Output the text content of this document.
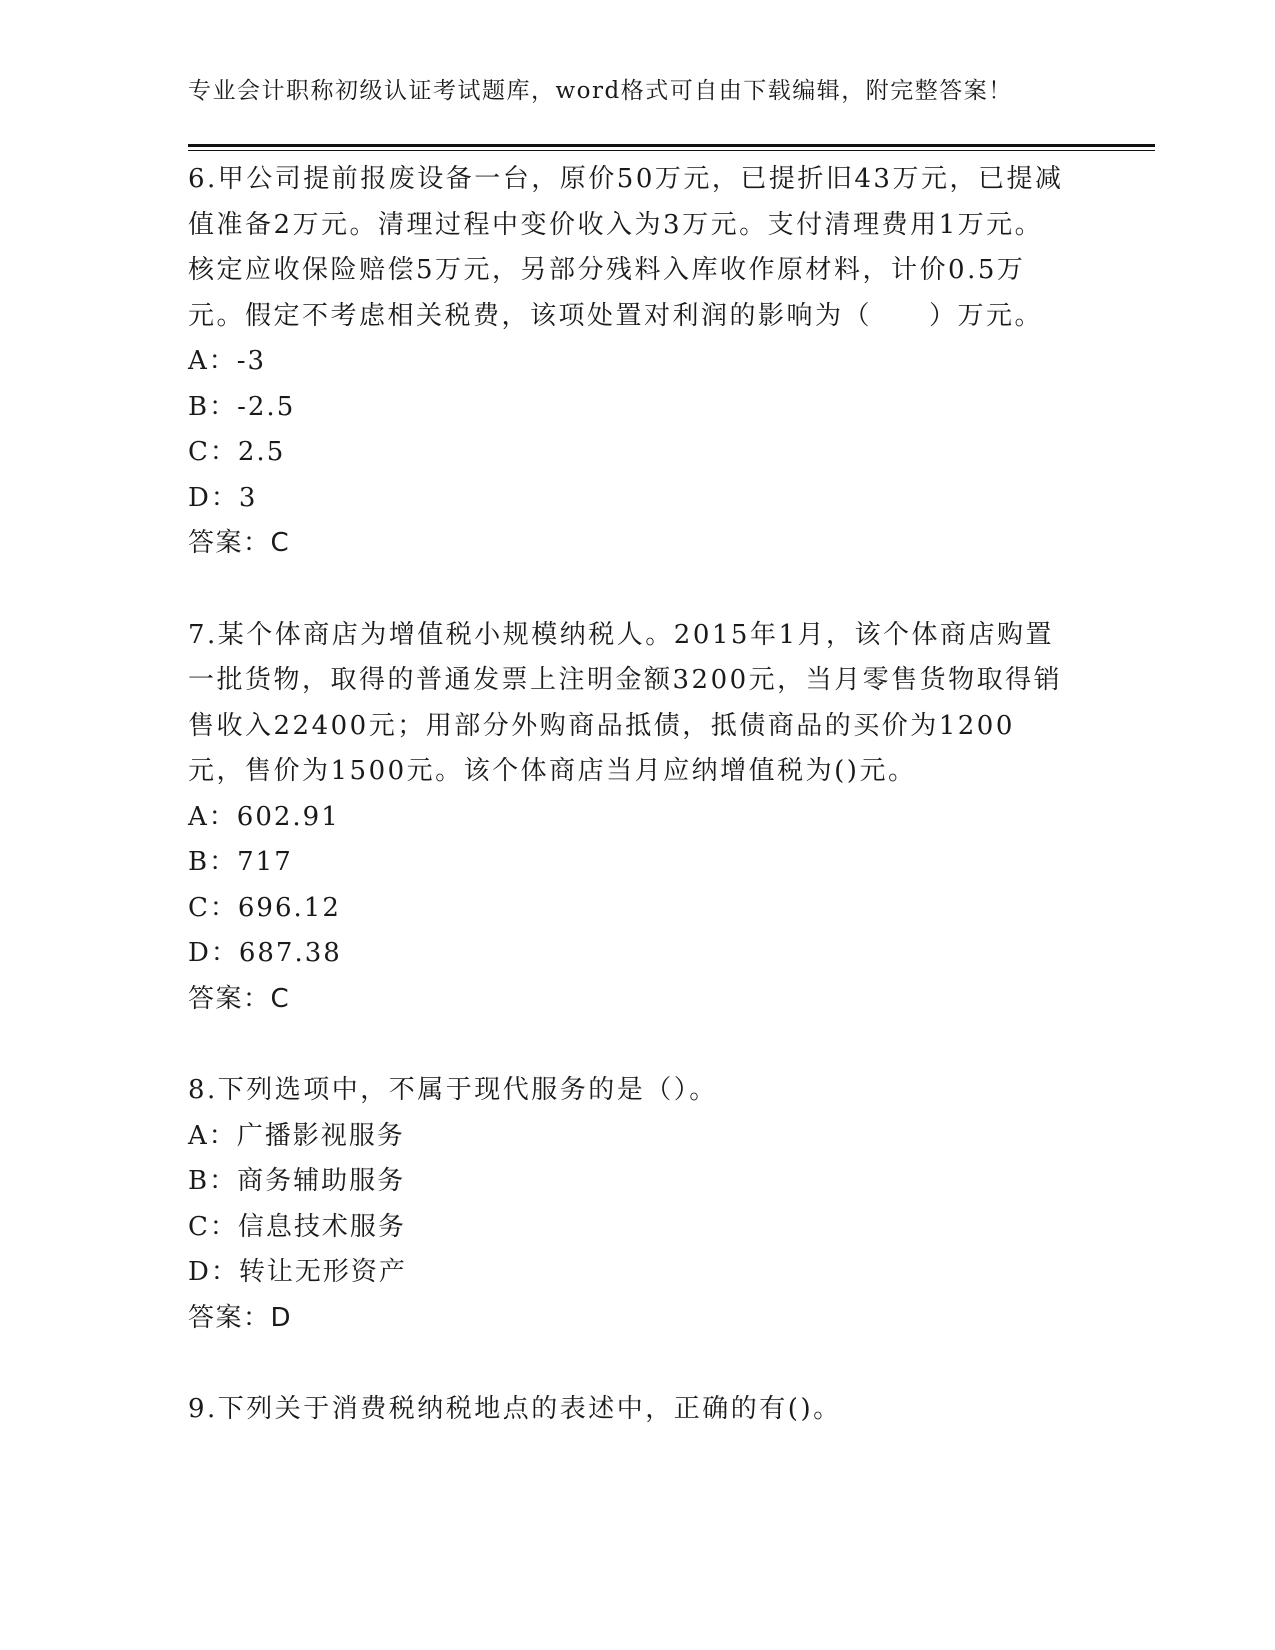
专业会计职称初级认证考试题库，word格式可自由下载编辑，附完整答案！

6.甲公司提前报废设备一台，原价50万元，已提折旧43万元，已提减值准备2万元。清理过程中变价收入为3万元。支付清理费用1万元。核定应收保险赔偿5万元，另部分残料入库收作原材料，计价0.5万元。假定不考虑相关税费，该项处置对利润的影响为（　　）万元。

A：-3

B：-2.5

C：2.5

D：3

答案：C

7.某个体商店为增值税小规模纳税人。2015年1月，该个体商店购置一批货物，取得的普通发票上注明金额3200元，当月零售货物取得销售收入22400元；用部分外购商品抵债，抵债商品的买价为1200元，售价为1500元。该个体商店当月应纳增值税为()元。

A：602.91

B：717

C：696.12

D：687.38

答案：C

8.下列选项中，不属于现代服务的是（）。

A：广播影视服务

B：商务辅助服务

C：信息技术服务

D：转让无形资产

答案：D

9.下列关于消费税纳税地点的表述中，正确的有()。
